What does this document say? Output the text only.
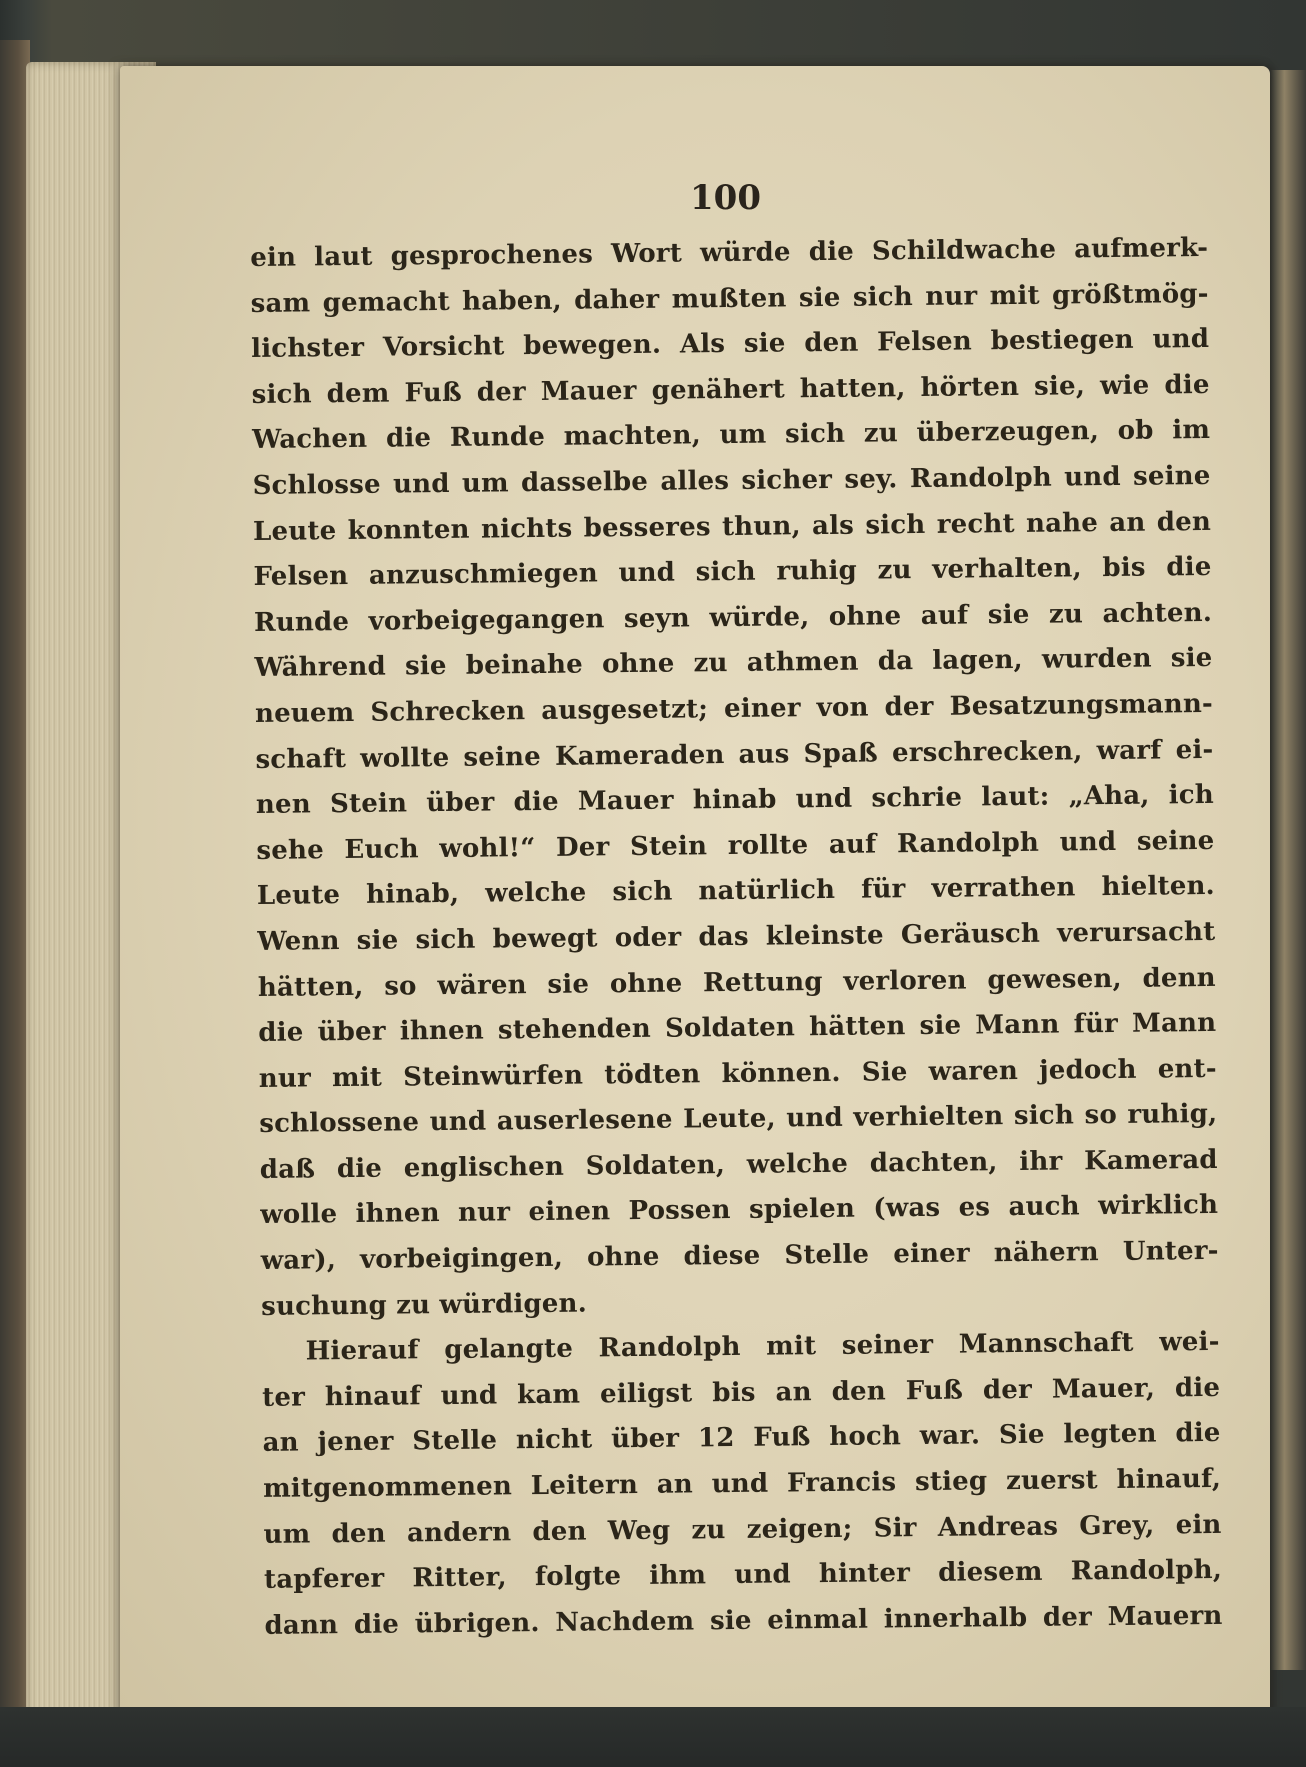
100
ein laut gesprochenes Wort würde die Schildwache aufmerk-
sam gemacht haben, daher mußten sie sich nur mit größtmög-
lichster Vorsicht bewegen. Als sie den Felsen bestiegen und
sich dem Fuß der Mauer genähert hatten, hörten sie, wie die
Wachen die Runde machten, um sich zu überzeugen, ob im
Schlosse und um dasselbe alles sicher sey. Randolph und seine
Leute konnten nichts besseres thun, als sich recht nahe an den
Felsen anzuschmiegen und sich ruhig zu verhalten, bis die
Runde vorbeigegangen seyn würde, ohne auf sie zu achten.
Während sie beinahe ohne zu athmen da lagen, wurden sie
neuem Schrecken ausgesetzt; einer von der Besatzungsmann-
schaft wollte seine Kameraden aus Spaß erschrecken, warf ei-
nen Stein über die Mauer hinab und schrie laut: „Aha, ich
sehe Euch wohl!“ Der Stein rollte auf Randolph und seine
Leute hinab, welche sich natürlich für verrathen hielten.
Wenn sie sich bewegt oder das kleinste Geräusch verursacht
hätten, so wären sie ohne Rettung verloren gewesen, denn
die über ihnen stehenden Soldaten hätten sie Mann für Mann
nur mit Steinwürfen tödten können. Sie waren jedoch ent-
schlossene und auserlesene Leute, und verhielten sich so ruhig,
daß die englischen Soldaten, welche dachten, ihr Kamerad
wolle ihnen nur einen Possen spielen (was es auch wirklich
war), vorbeigingen, ohne diese Stelle einer nähern Unter-
suchung zu würdigen.
Hierauf gelangte Randolph mit seiner Mannschaft wei-
ter hinauf und kam eiligst bis an den Fuß der Mauer, die
an jener Stelle nicht über 12 Fuß hoch war. Sie legten die
mitgenommenen Leitern an und Francis stieg zuerst hinauf,
um den andern den Weg zu zeigen; Sir Andreas Grey, ein
tapferer Ritter, folgte ihm und hinter diesem Randolph,
dann die übrigen. Nachdem sie einmal innerhalb der Mauern
